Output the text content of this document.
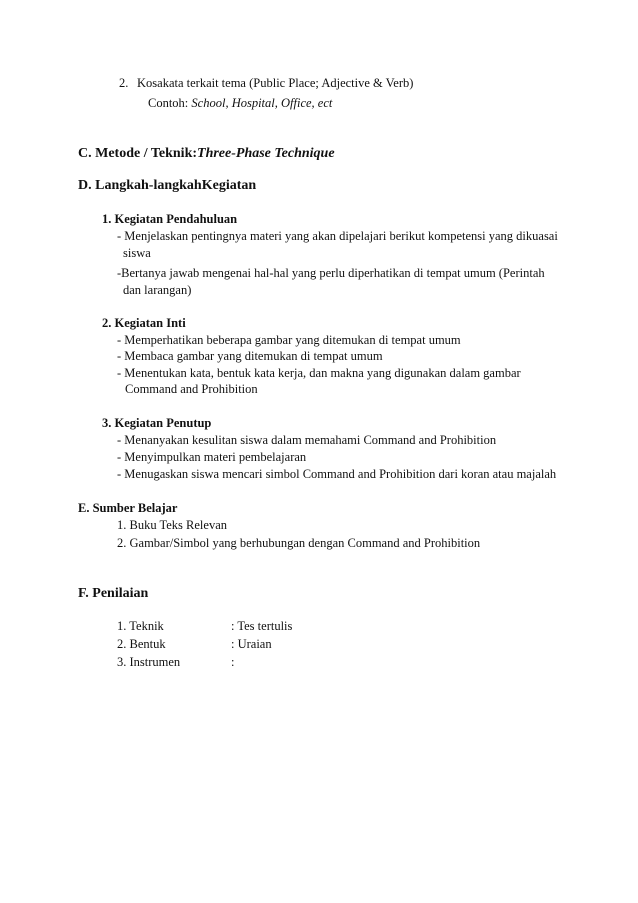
2. Kosakata terkait tema (Public Place; Adjective & Verb)
Contoh: School, Hospital, Office, ect
C. Metode / Teknik:Three-Phase Technique
D. Langkah-langkahKegiatan
1. Kegiatan Pendahuluan
- Menjelaskan pentingnya materi yang akan dipelajari berikut kompetensi yang dikuasai
siswa
-Bertanya jawab mengenai hal-hal yang perlu diperhatikan di tempat umum (Perintah
dan larangan)
2. Kegiatan Inti
- Memperhatikan beberapa gambar yang ditemukan di tempat umum
- Membaca gambar yang ditemukan di tempat umum
- Menentukan kata, bentuk kata kerja, dan makna yang digunakan dalam gambar
Command and Prohibition
3. Kegiatan Penutup
- Menanyakan kesulitan siswa dalam memahami Command and Prohibition
- Menyimpulkan materi pembelajaran
- Menugaskan siswa mencari simbol Command and Prohibition dari koran atau majalah
E. Sumber Belajar
1. Buku Teks Relevan
2. Gambar/Simbol yang berhubungan dengan Command and Prohibition
F. Penilaian
1. Teknik	: Tes tertulis
2. Bentuk	: Uraian
3. Instrumen	:
